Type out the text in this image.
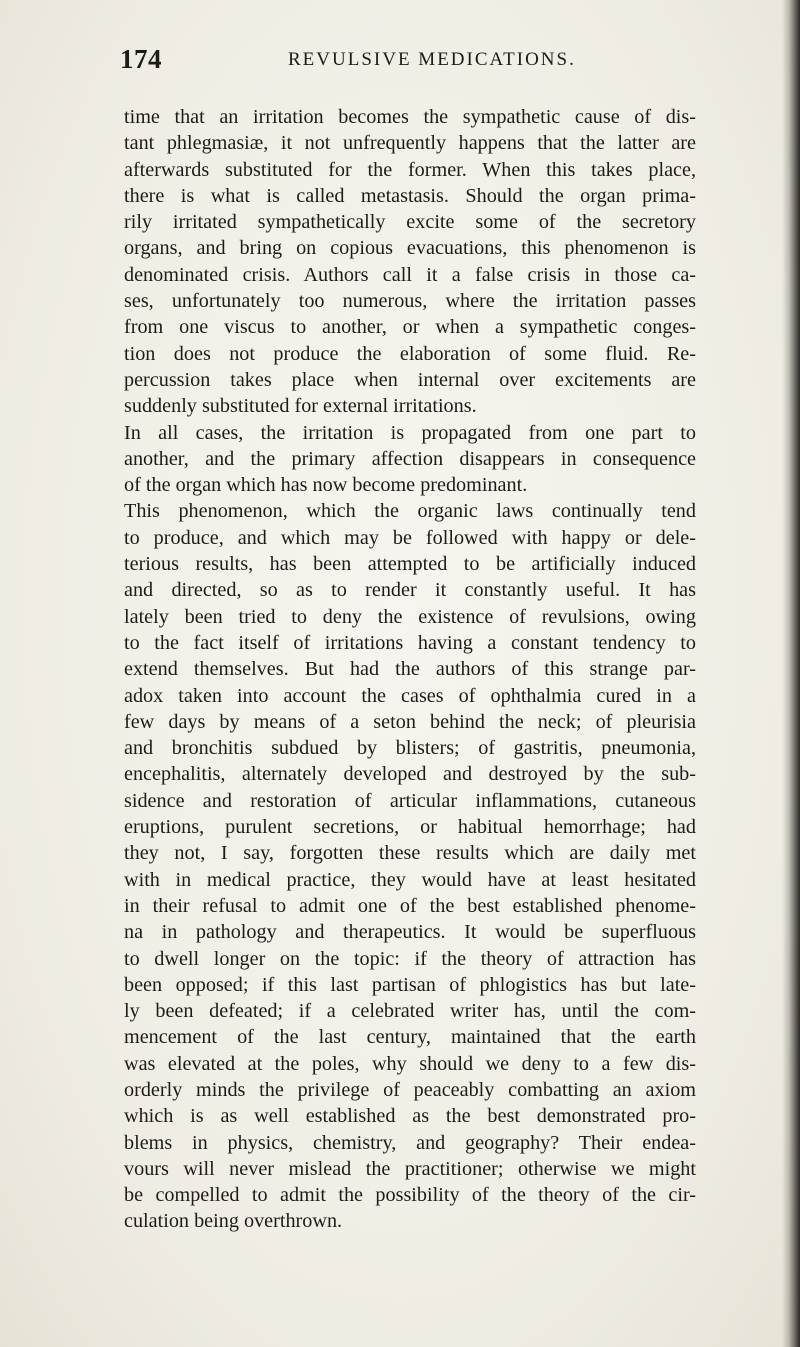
174	REVULSIVE MEDICATIONS.
time that an irritation becomes the sympathetic cause of dis-
tant phlegmasiæ, it not unfrequently happens that the latter are
afterwards substituted for the former. When this takes place,
there is what is called metastasis. Should the organ prima-
rily irritated sympathetically excite some of the secretory
organs, and bring on copious evacuations, this phenomenon is
denominated crisis. Authors call it a false crisis in those ca-
ses, unfortunately too numerous, where the irritation passes
from one viscus to another, or when a sympathetic conges-
tion does not produce the elaboration of some fluid. Re-
percussion takes place when internal over excitements are
suddenly substituted for external irritations.
In all cases, the irritation is propagated from one part to
another, and the primary affection disappears in consequence
of the organ which has now become predominant.
This phenomenon, which the organic laws continually tend
to produce, and which may be followed with happy or dele-
terious results, has been attempted to be artificially induced
and directed, so as to render it constantly useful. It has
lately been tried to deny the existence of revulsions, owing
to the fact itself of irritations having a constant tendency to
extend themselves. But had the authors of this strange par-
adox taken into account the cases of ophthalmia cured in a
few days by means of a seton behind the neck; of pleurisia
and bronchitis subdued by blisters; of gastritis, pneumonia,
encephalitis, alternately developed and destroyed by the sub-
sidence and restoration of articular inflammations, cutaneous
eruptions, purulent secretions, or habitual hemorrhage; had
they not, I say, forgotten these results which are daily met
with in medical practice, they would have at least hesitated
in their refusal to admit one of the best established phenome-
na in pathology and therapeutics. It would be superfluous
to dwell longer on the topic: if the theory of attraction has
been opposed; if this last partisan of phlogistics has but late-
ly been defeated; if a celebrated writer has, until the com-
mencement of the last century, maintained that the earth
was elevated at the poles, why should we deny to a few dis-
orderly minds the privilege of peaceably combatting an axiom
which is as well established as the best demonstrated pro-
blems in physics, chemistry, and geography? Their endea-
vours will never mislead the practitioner; otherwise we might
be compelled to admit the possibility of the theory of the cir-
culation being overthrown.
